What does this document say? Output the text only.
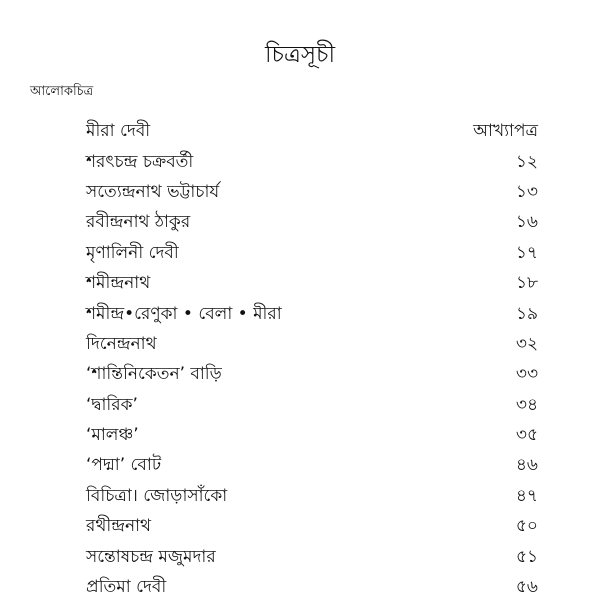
চিত্রসূচী
আলোকচিত্র
মীরা দেবী	আখ্যাপত্র
শরৎচন্দ্র চক্রবর্তী	১২
সত্যেন্দ্রনাথ ভট্টাচার্য	১৩
রবীন্দ্রনাথ ঠাকুর	১৬
মৃণালিনী দেবী	১৭
শমীন্দ্রনাথ	১৮
শমীন্দ্র•রেণুকা • বেলা • মীরা	১৯
দিনেন্দ্রনাথ	৩২
‘শান্তিনিকেতন’ বাড়ি	৩৩
‘দ্বারিক’	৩৪
‘মালঞ্চ’	৩৫
‘পদ্মা’ বোট	৪৬
বিচিত্রা। জোড়াসাঁকো	৪৭
রথীন্দ্রনাথ	৫০
সন্তোষচন্দ্র মজুমদার	৫১
প্রতিমা দেবী	৫৬
